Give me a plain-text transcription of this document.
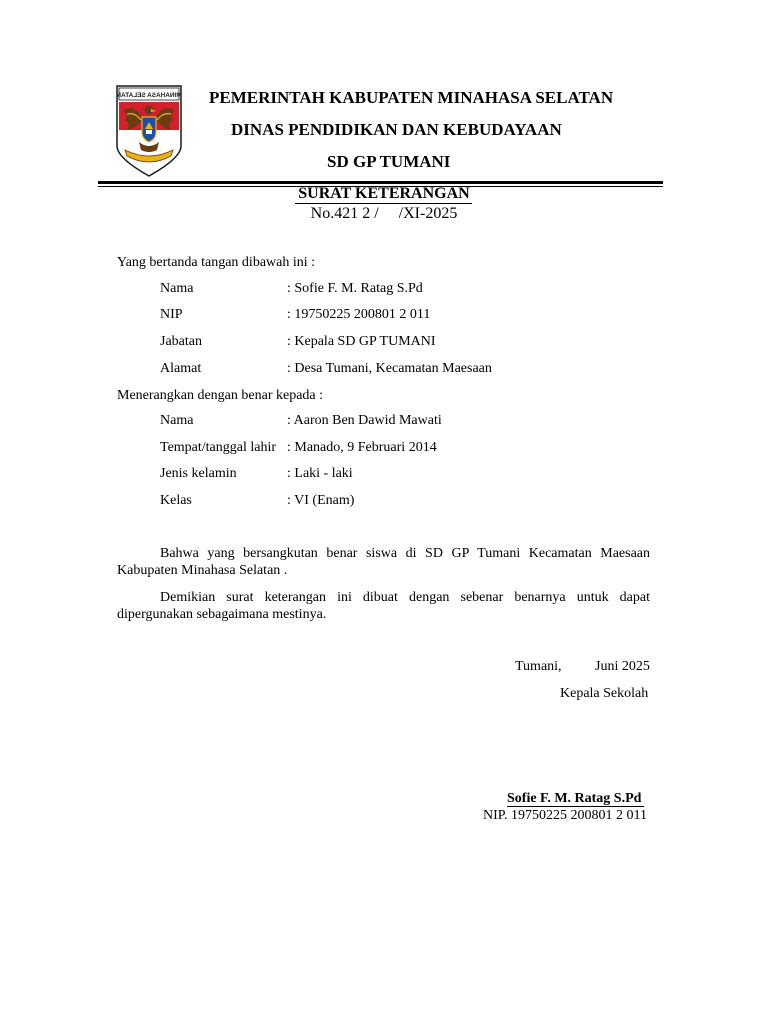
MINAHASA SELATAN PEMERINTAH KABUPATEN MINAHASA SELATAN
DINAS PENDIDIKAN DAN KEBUDAYAAN
SD GP TUMANI
SURAT KETERANGAN
No.421 2 /     /XI-2025
Yang bertanda tangan dibawah ini :
Nama	: Sofie F. M. Ratag S.Pd
NIP	: 19750225 200801 2 011
Jabatan	: Kepala SD GP TUMANI
Alamat	: Desa Tumani, Kecamatan Maesaan
Menerangkan dengan benar kepada :
Nama	: Aaron Ben Dawid Mawati
Tempat/tanggal lahir : Manado, 9 Februari 2014
Jenis kelamin	: Laki - laki
Kelas	: VI (Enam)
Bahwa yang bersangkutan benar siswa di SD GP Tumani Kecamatan Maesaan Kabupaten Minahasa Selatan .
Demikian surat keterangan ini dibuat dengan sebenar benarnya untuk dapat dipergunakan sebagaimana mestinya.
Tumani, Juni 2025
Kepala Sekolah
Sofie F. M. Ratag S.Pd
NIP. 19750225 200801 2 011
